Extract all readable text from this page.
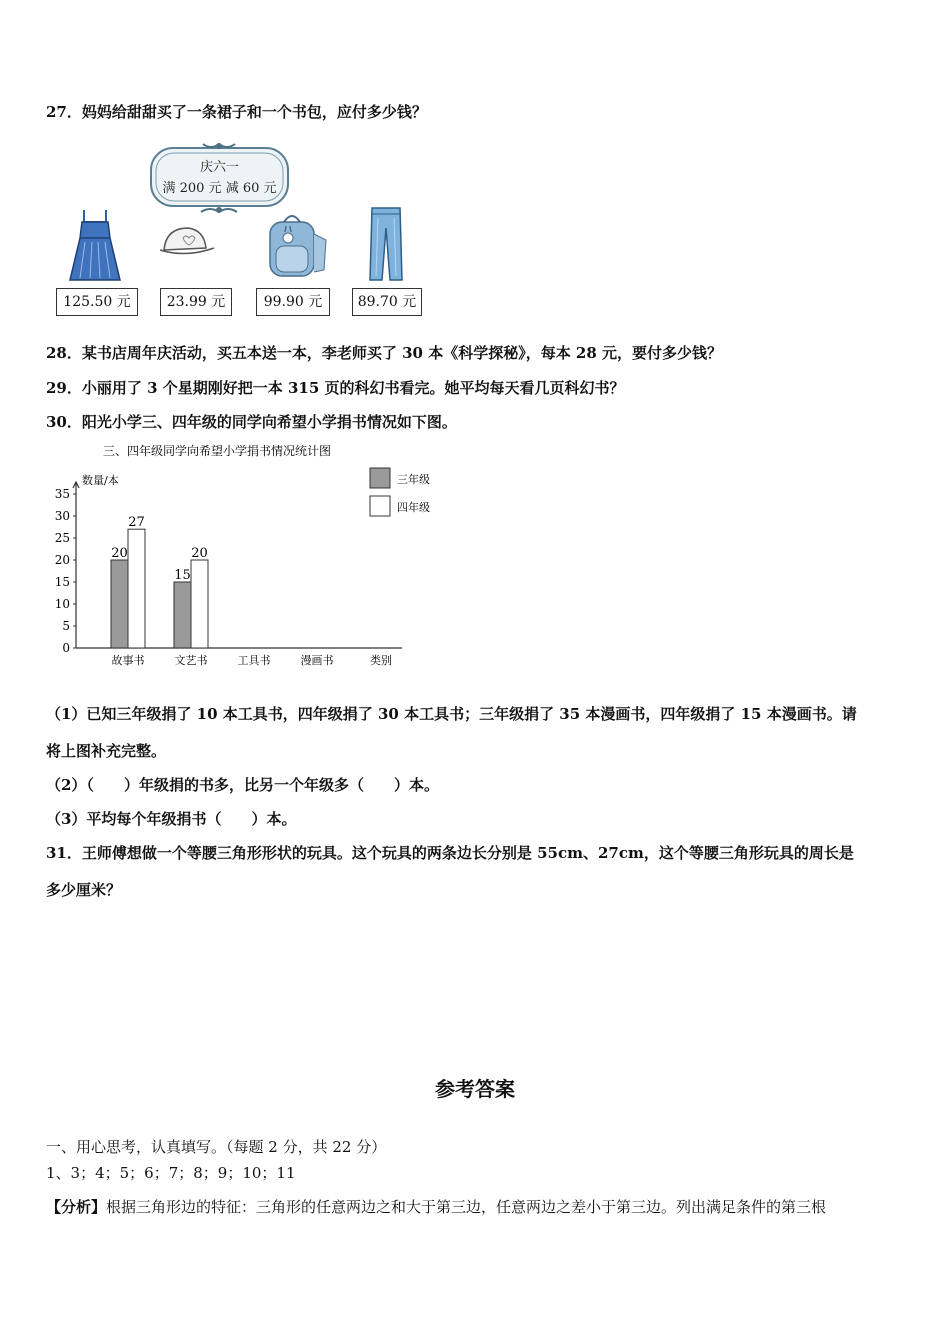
27．妈妈给甜甜买了一条裙子和一个书包，应付多少钱？
庆六一
满 200 元 减 60 元
125.50 元	23.99 元	99.90 元	89.70 元
28．某书店周年庆活动，买五本送一本，李老师买了 30 本《科学探秘》，每本 28 元，要付多少钱？
29．小丽用了 3 个星期刚好把一本 315 页的科幻书看完。她平均每天看几页科幻书？
30．阳光小学三、四年级的同学向希望小学捐书情况如下图。
三、四年级同学向希望小学捐书情况统计图
数量/本
类别
0
5
10
15
20
25
30
35
故事书
20
27
文艺书
15
20
工具书	漫画书
三年级
四年级
（1）已知三年级捐了 10 本工具书，四年级捐了 30 本工具书；三年级捐了 35 本漫画书，四年级捐了 15 本漫画书。请
将上图补充完整。
（2）（　　）年级捐的书多，比另一个年级多（　　）本。
（3）平均每个年级捐书（　　）本。
31．王师傅想做一个等腰三角形形状的玩具。这个玩具的两条边长分别是 55cm、27cm，这个等腰三角形玩具的周长是
多少厘米？
参考答案
一、用心思考，认真填写。（每题 2 分，共 22 分）
1、3；4；5；6；7；8；9；10；11
【分析】根据三角形边的特征：三角形的任意两边之和大于第三边，任意两边之差小于第三边。列出满足条件的第三根
